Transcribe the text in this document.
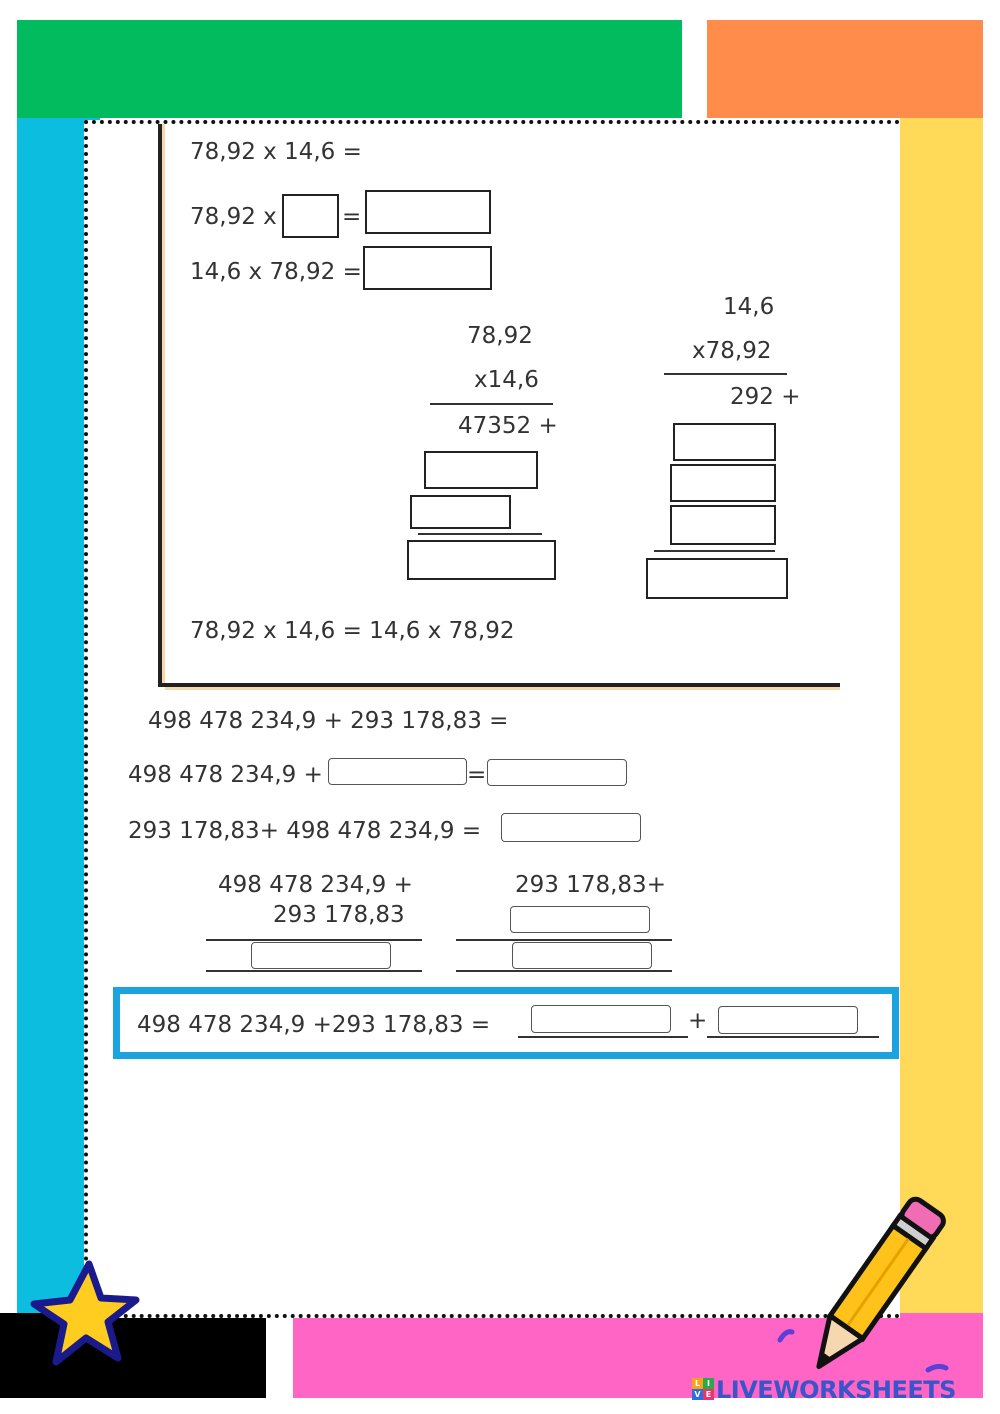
78,92 x 14,6 =
78,92 x	=
14,6 x 78,92 =
78,92
x14,6
47352 +
14,6
x78,92
292 +
78,92 x 14,6 = 14,6 x 78,92
498 478 234,9 + 293 178,83 =
498 478 234,9 +	=
293 178,83+ 498 478 234,9 =
498 478 234,9 +
293 178,83
293 178,83+
498 478 234,9 +293 178,83 =	+
L I
V E LIVEWORKSHEETS
